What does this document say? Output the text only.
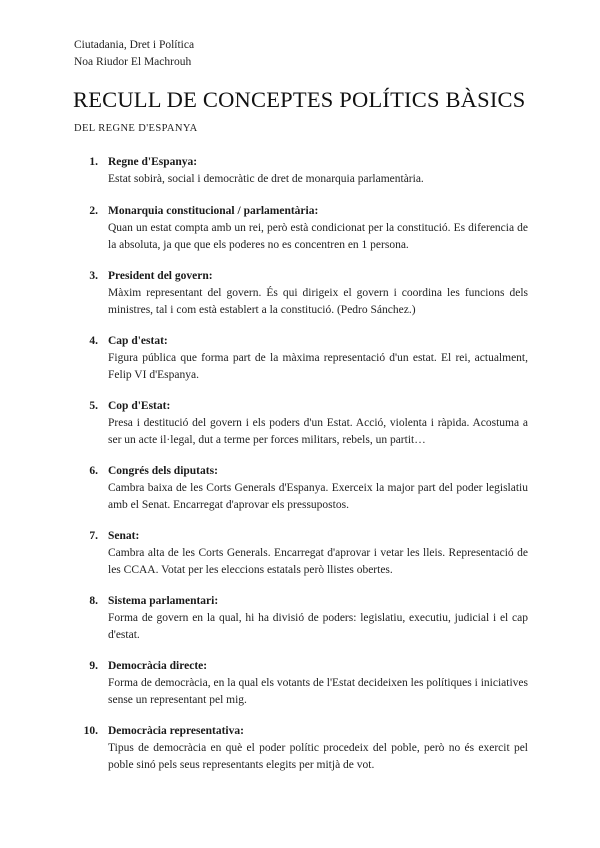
Ciutadania, Dret i Política
Noa Riudor El Machrouh
RECULL DE CONCEPTES POLÍTICS BÀSICS
DEL REGNE D'ESPANYA
1. Regne d'Espanya:
Estat sobirà, social i democràtic de dret de monarquia parlamentària.
2. Monarquia constitucional / parlamentària:
Quan un estat compta amb un rei, però està condicionat per la constitució. Es diferencia de la absoluta, ja que que els poderes no es concentren en 1 persona.
3. President del govern:
Màxim representant del govern. És qui dirigeix el govern i coordina les funcions dels ministres, tal i com està establert a la constitució. (Pedro Sánchez.)
4. Cap d'estat:
Figura pública que forma part de la màxima representació d'un estat. El rei, actualment, Felip VI d'Espanya.
5. Cop d'Estat:
Presa i destitució del govern i els poders d'un Estat. Acció, violenta i ràpida. Acostuma a ser un acte il·legal, dut a terme per forces militars, rebels, un partit…
6. Congrés dels diputats:
Cambra baixa de les Corts Generals d'Espanya. Exerceix la major part del poder legislatiu amb el Senat. Encarregat d'aprovar els pressupostos.
7. Senat:
Cambra alta de les Corts Generals. Encarregat d'aprovar i vetar les lleis. Representació de les CCAA. Votat per les eleccions estatals però llistes obertes.
8. Sistema parlamentari:
Forma de govern en la qual, hi ha divisió de poders: legislatiu, executiu, judicial i el cap d'estat.
9. Democràcia directe:
Forma de democràcia, en la qual els votants de l'Estat decideixen les polítiques i iniciatives sense un representant pel mig.
10. Democràcia representativa:
Tipus de democràcia en què el poder polític procedeix del poble, però no és exercit pel poble sinó pels seus representants elegits per mitjà de vot.
